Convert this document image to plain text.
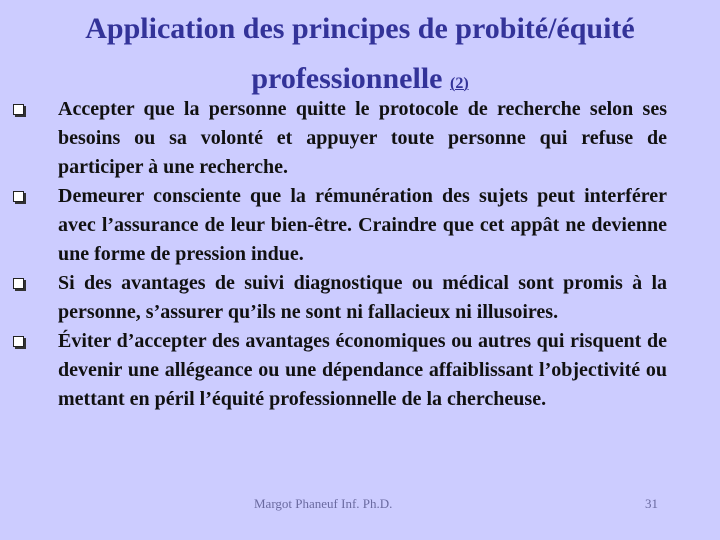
Application des principes de probité/équité
professionnelle (2)
Accepter que la personne quitte le protocole de recherche selon ses besoins ou sa volonté et appuyer toute personne qui refuse de participer à une recherche.
Demeurer consciente que la rémunération des sujets peut interférer avec l’assurance de leur bien-être. Craindre que cet appât ne devienne une forme de pression indue.
Si des avantages de suivi diagnostique ou médical sont promis à la personne, s’assurer qu’ils ne sont ni fallacieux ni illusoires.
Éviter d’accepter des avantages économiques ou autres qui risquent de devenir une allégeance ou une dépendance affaiblissant l’objectivité ou mettant en péril l’équité professionnelle de la chercheuse.
Margot Phaneuf Inf. Ph.D.	31
